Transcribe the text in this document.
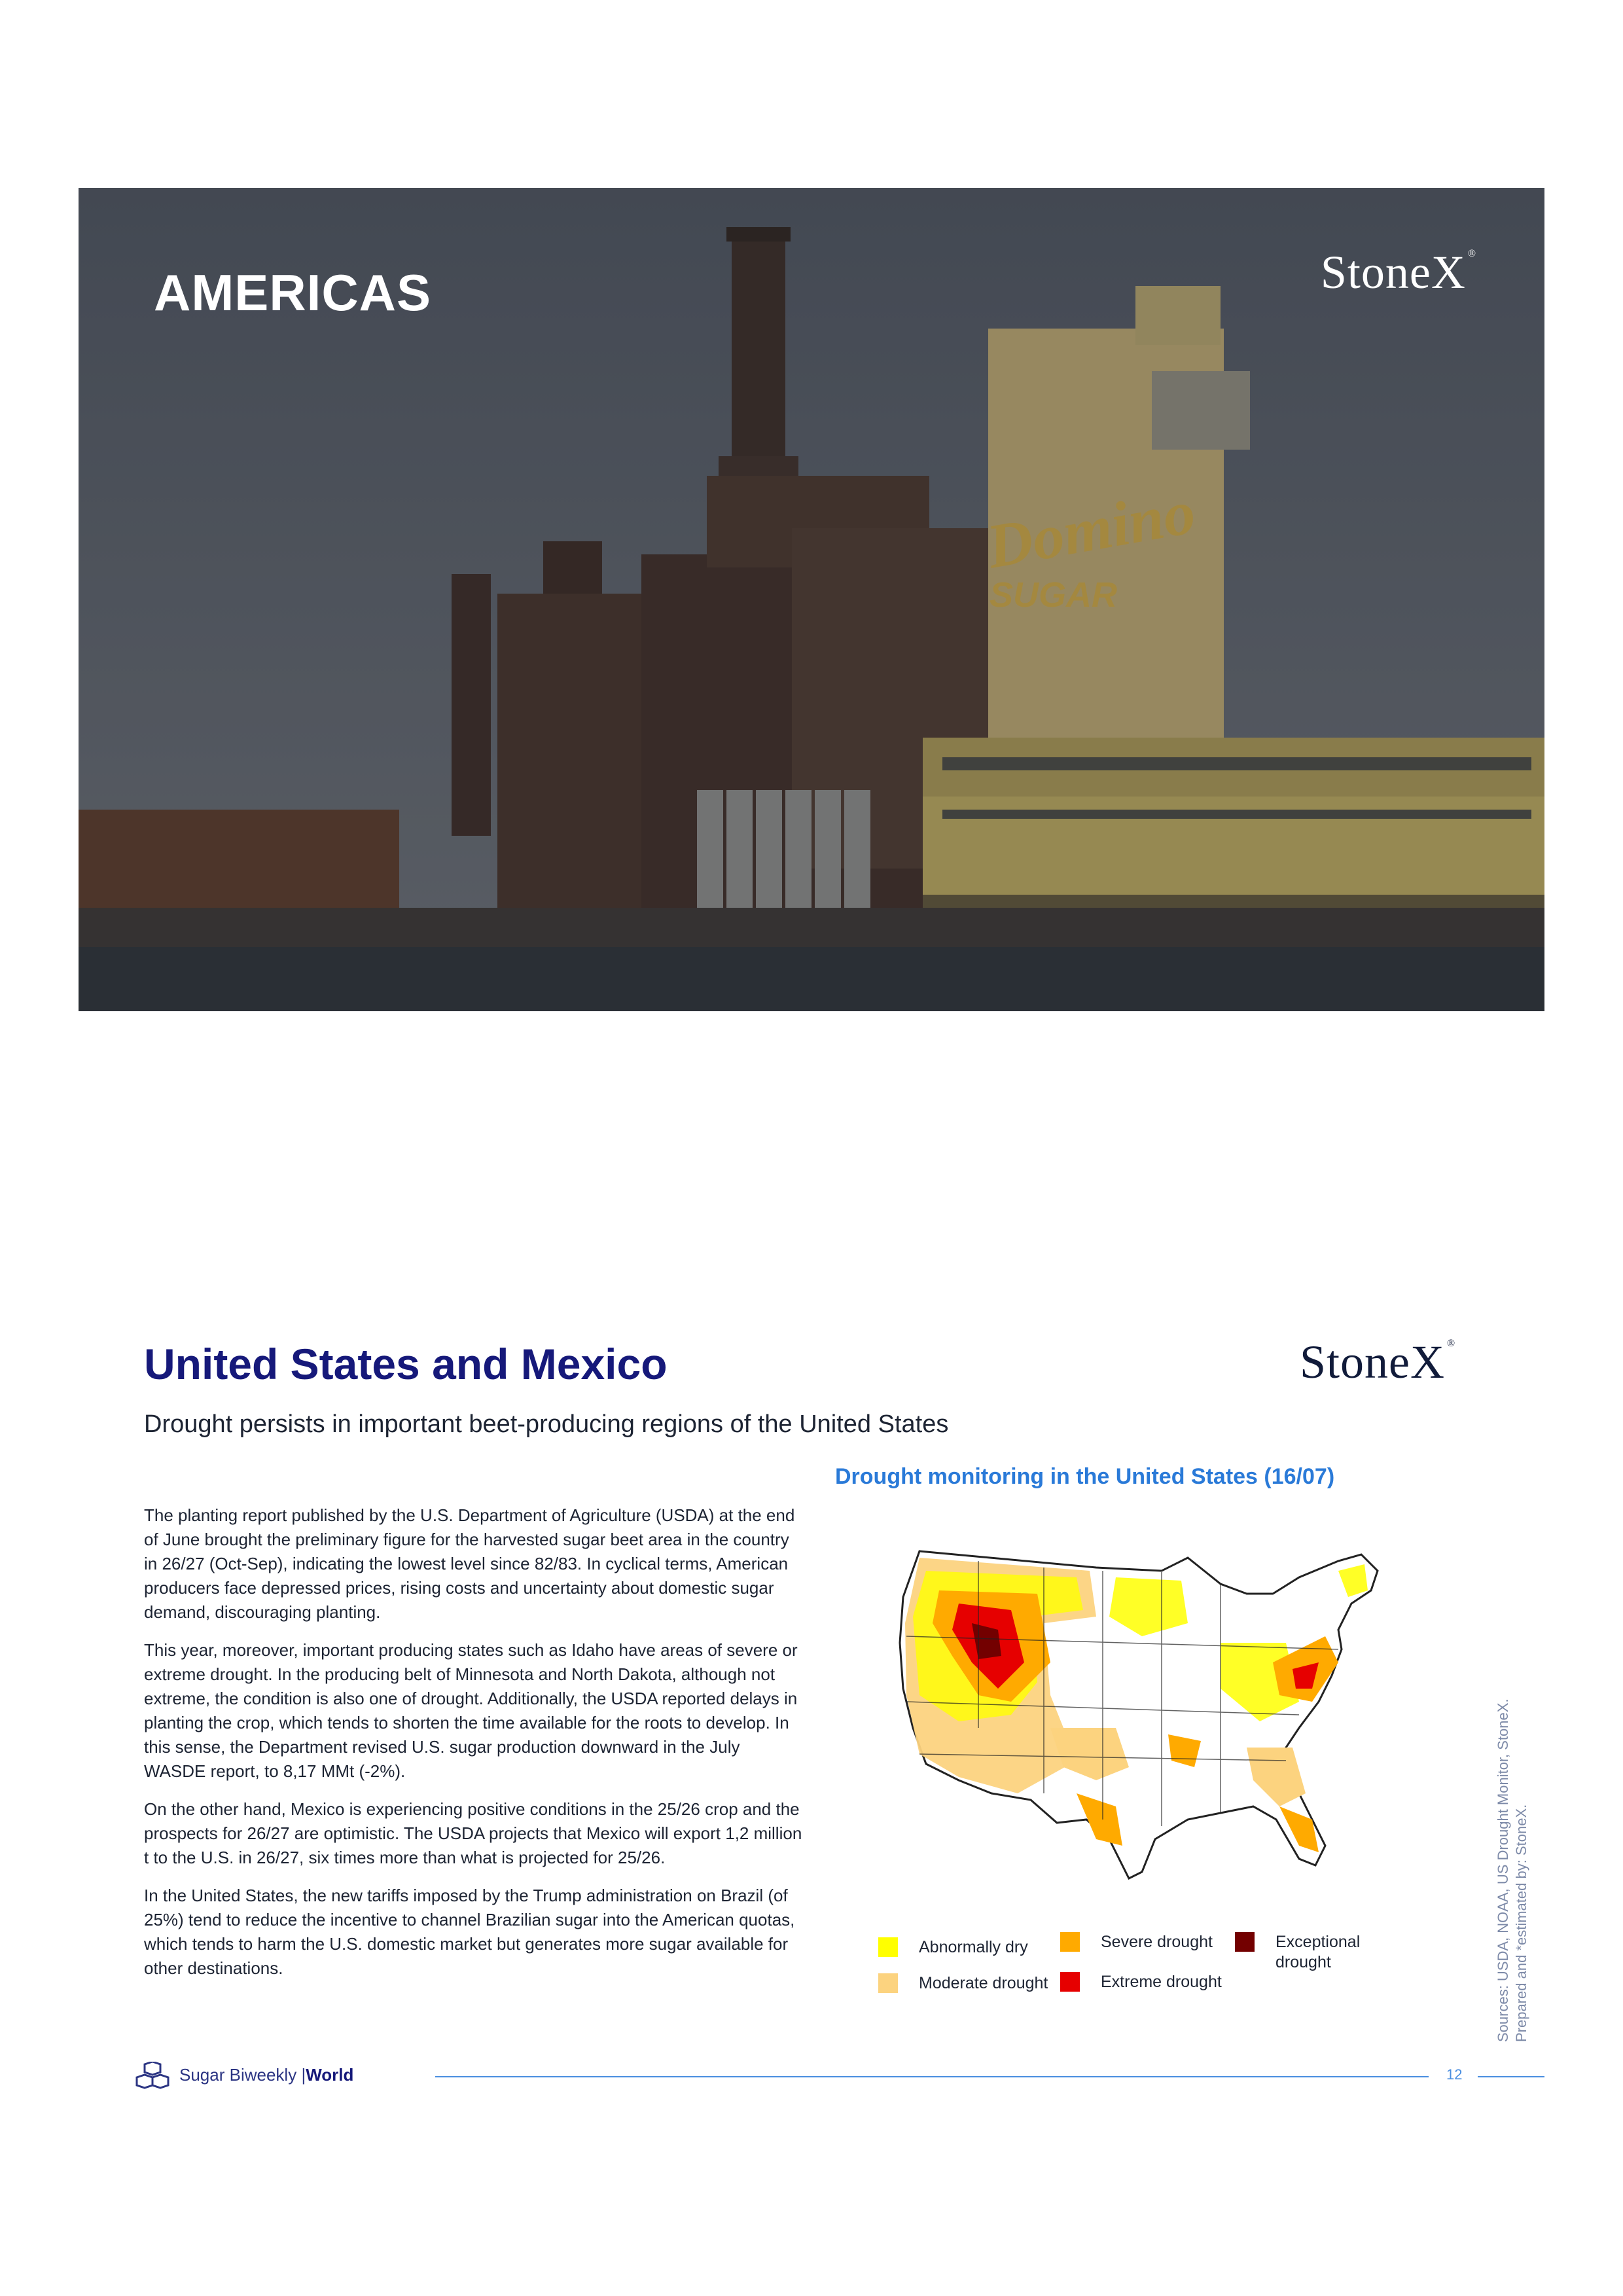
Domino
SUGAR
AMERICAS	StoneX ®
United States and Mexico	StoneX ®
Drought persists in important beet-producing regions of the United States

The planting report published by the U.S. Department of Agriculture (USDA) at the end of June brought the preliminary figure for the harvested sugar beet area in the country in 26/27 (Oct-Sep), indicating the lowest level since 82/83. In cyclical terms, American producers face depressed prices, rising costs and uncertainty about domestic sugar demand, discouraging planting.

This year, moreover, important producing states such as Idaho have areas of severe or extreme drought. In the producing belt of Minnesota and North Dakota, although not extreme, the condition is also one of drought. Additionally, the USDA reported delays in planting the crop, which tends to shorten the time available for the roots to develop. In this sense, the Department revised U.S. sugar production downward in the July WASDE report, to 8,17 MMt (-2%).

On the other hand, Mexico is experiencing positive conditions in the 25/26 crop and the prospects for 26/27 are optimistic. The USDA projects that Mexico will export 1,2 million t to the U.S. in 26/27, six times more than what is projected for 25/26.

In the United States, the new tariffs imposed by the Trump administration on Brazil (of 25%) tend to reduce the incentive to channel Brazilian sugar into the American quotas, which tends to harm the U.S. domestic market but generates more sugar available for other destinations.

Drought monitoring in the United States (16/07)
Abnormally dry
Moderate drought
Severe drought
Extreme drought
Exceptional drought	Sources: USDA, NOAA, US Drought Monitor, StoneX. Prepared and *estimated by: StoneX.
Sugar Biweekly |World	12
